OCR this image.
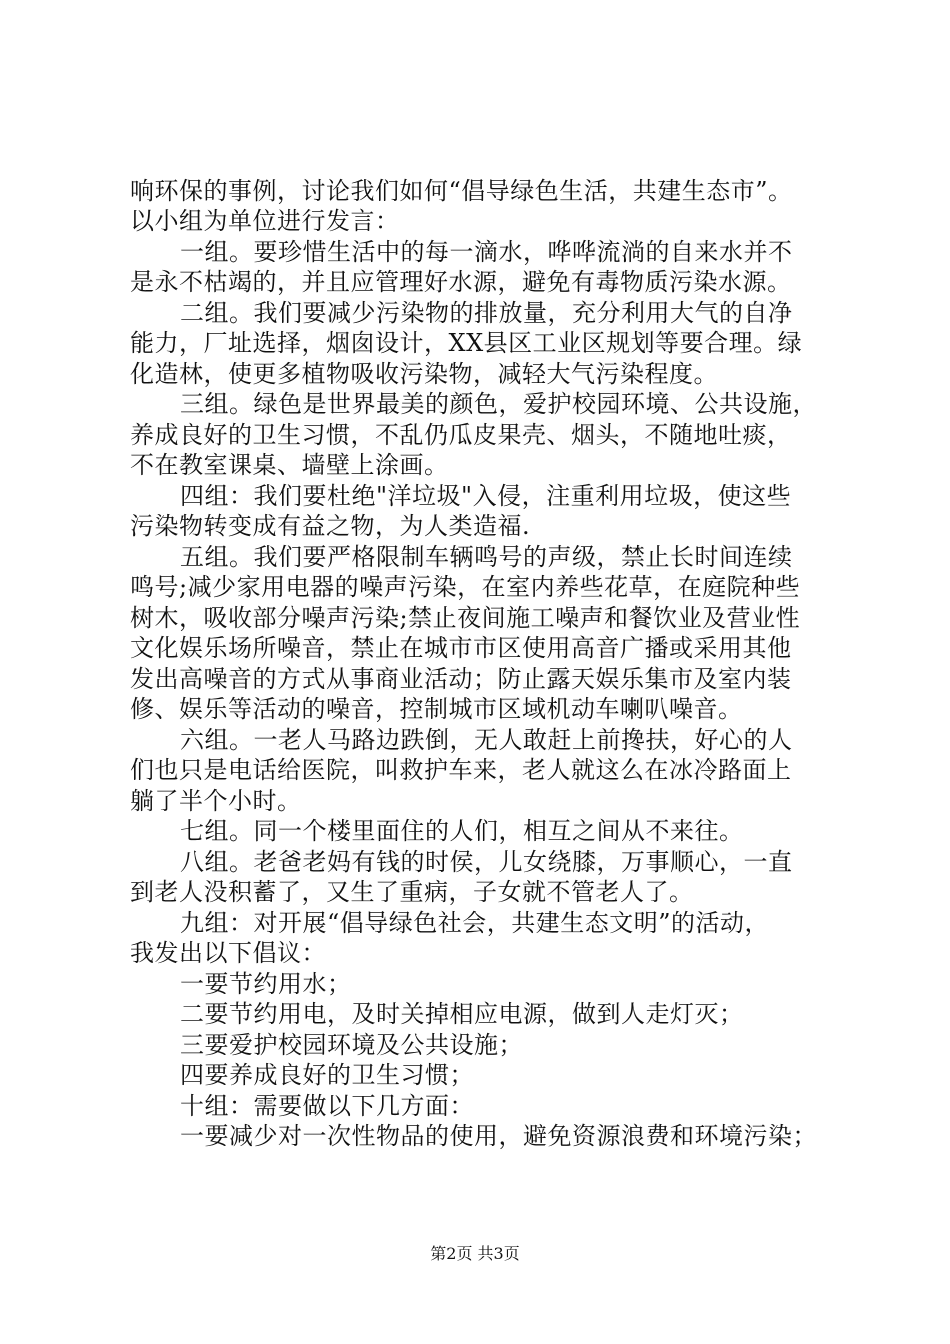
响环保的事例，讨论我们如何“倡导绿色生活，共建生态市”。
以小组为单位进行发言：
一组。要珍惜生活中的每一滴水，哗哗流淌的自来水并不
是永不枯竭的，并且应管理好水源，避免有毒物质污染水源。
二组。我们要减少污染物的排放量，充分利用大气的自净
能力，厂址选择，烟囱设计，XX县区工业区规划等要合理。绿
化造林，使更多植物吸收污染物，减轻大气污染程度。
三组。绿色是世界最美的颜色，爱护校园环境、公共设施，
养成良好的卫生习惯，不乱仍瓜皮果壳、烟头，不随地吐痰，
不在教室课桌、墙壁上涂画。
四组：我们要杜绝"洋垃圾"入侵，注重利用垃圾，使这些
污染物转变成有益之物，为人类造福.
五组。我们要严格限制车辆鸣号的声级，禁止长时间连续
鸣号;减少家用电器的噪声污染，在室内养些花草，在庭院种些
树木，吸收部分噪声污染;禁止夜间施工噪声和餐饮业及营业性
文化娱乐场所噪音，禁止在城市市区使用高音广播或采用其他
发出高噪音的方式从事商业活动；防止露天娱乐集市及室内装
修、娱乐等活动的噪音，控制城市区域机动车喇叭噪音。
六组。一老人马路边跌倒，无人敢赶上前搀扶，好心的人
们也只是电话给医院，叫救护车来，老人就这么在冰冷路面上
躺了半个小时。
七组。同一个楼里面住的人们，相互之间从不来往。
八组。老爸老妈有钱的时侯，儿女绕膝，万事顺心，一直
到老人没积蓄了，又生了重病，子女就不管老人了。
九组：对开展“倡导绿色社会，共建生态文明”的活动，
我发出以下倡议：
一要节约用水；
二要节约用电，及时关掉相应电源，做到人走灯灭；
三要爱护校园环境及公共设施；
四要养成良好的卫生习惯；
十组：需要做以下几方面：
一要减少对一次性物品的使用，避免资源浪费和环境污染；
第2页 共3页
